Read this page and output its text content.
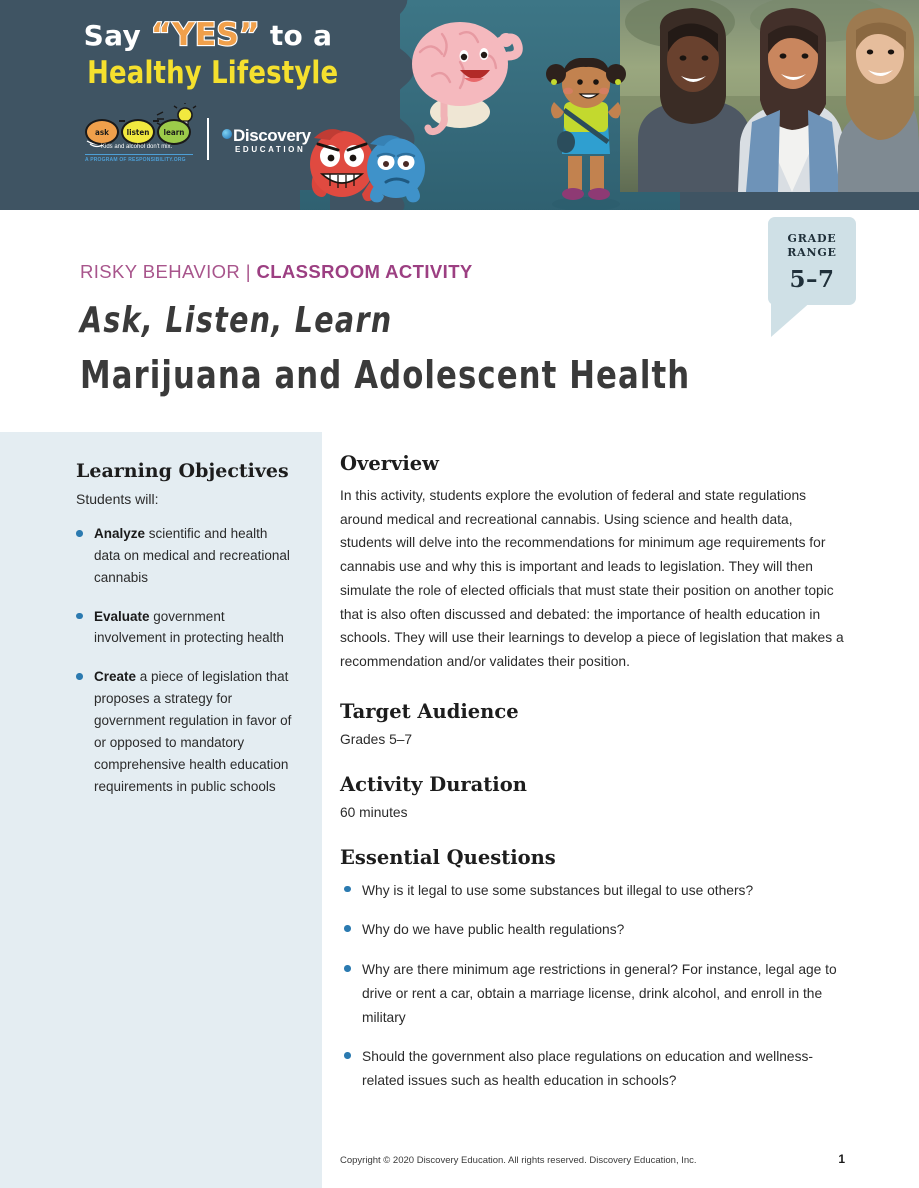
Say “YES” to a
Healthy Lifestyle
ask	listen	learn
Kids and alcohol don't mix.
A PROGRAM OF RESPONSIBILITY.ORG
Discovery
EDUCATION
RISKY BEHAVIOR | CLASSROOM ACTIVITY
Ask, Listen, Learn
Marijuana and Adolescent Health
GRADE
RANGE
5–7
Learning Objectives

Students will:

Analyze scientific and health data on medical and recreational cannabis
Evaluate government involvement in protecting health
Create a piece of legislation that proposes a strategy for government regulation in favor of or opposed to mandatory comprehensive health education requirements in public schools
Overview

In this activity, students explore the evolution of federal and state regulations around medical and recreational cannabis. Using science and health data, students will delve into the recommendations for minimum age requirements for cannabis use and why this is important and leads to legislation. They will then simulate the role of elected officials that must state their position on another topic that is also often discussed and debated: the importance of health education in schools. They will use their learnings to develop a piece of legislation that makes a recommendation and/or validates their position.

Target Audience

Grades 5–7

Activity Duration

60 minutes

Essential Questions
Why is it legal to use some substances but illegal to use others?
Why do we have public health regulations?
Why are there minimum age restrictions in general? For instance, legal age to drive or rent a car, obtain a marriage license, drink alcohol, and enroll in the military
Should the government also place regulations on education and wellness-related issues such as health education in schools?
Copyright © 2020 Discovery Education. All rights reserved. Discovery Education, Inc.	1
